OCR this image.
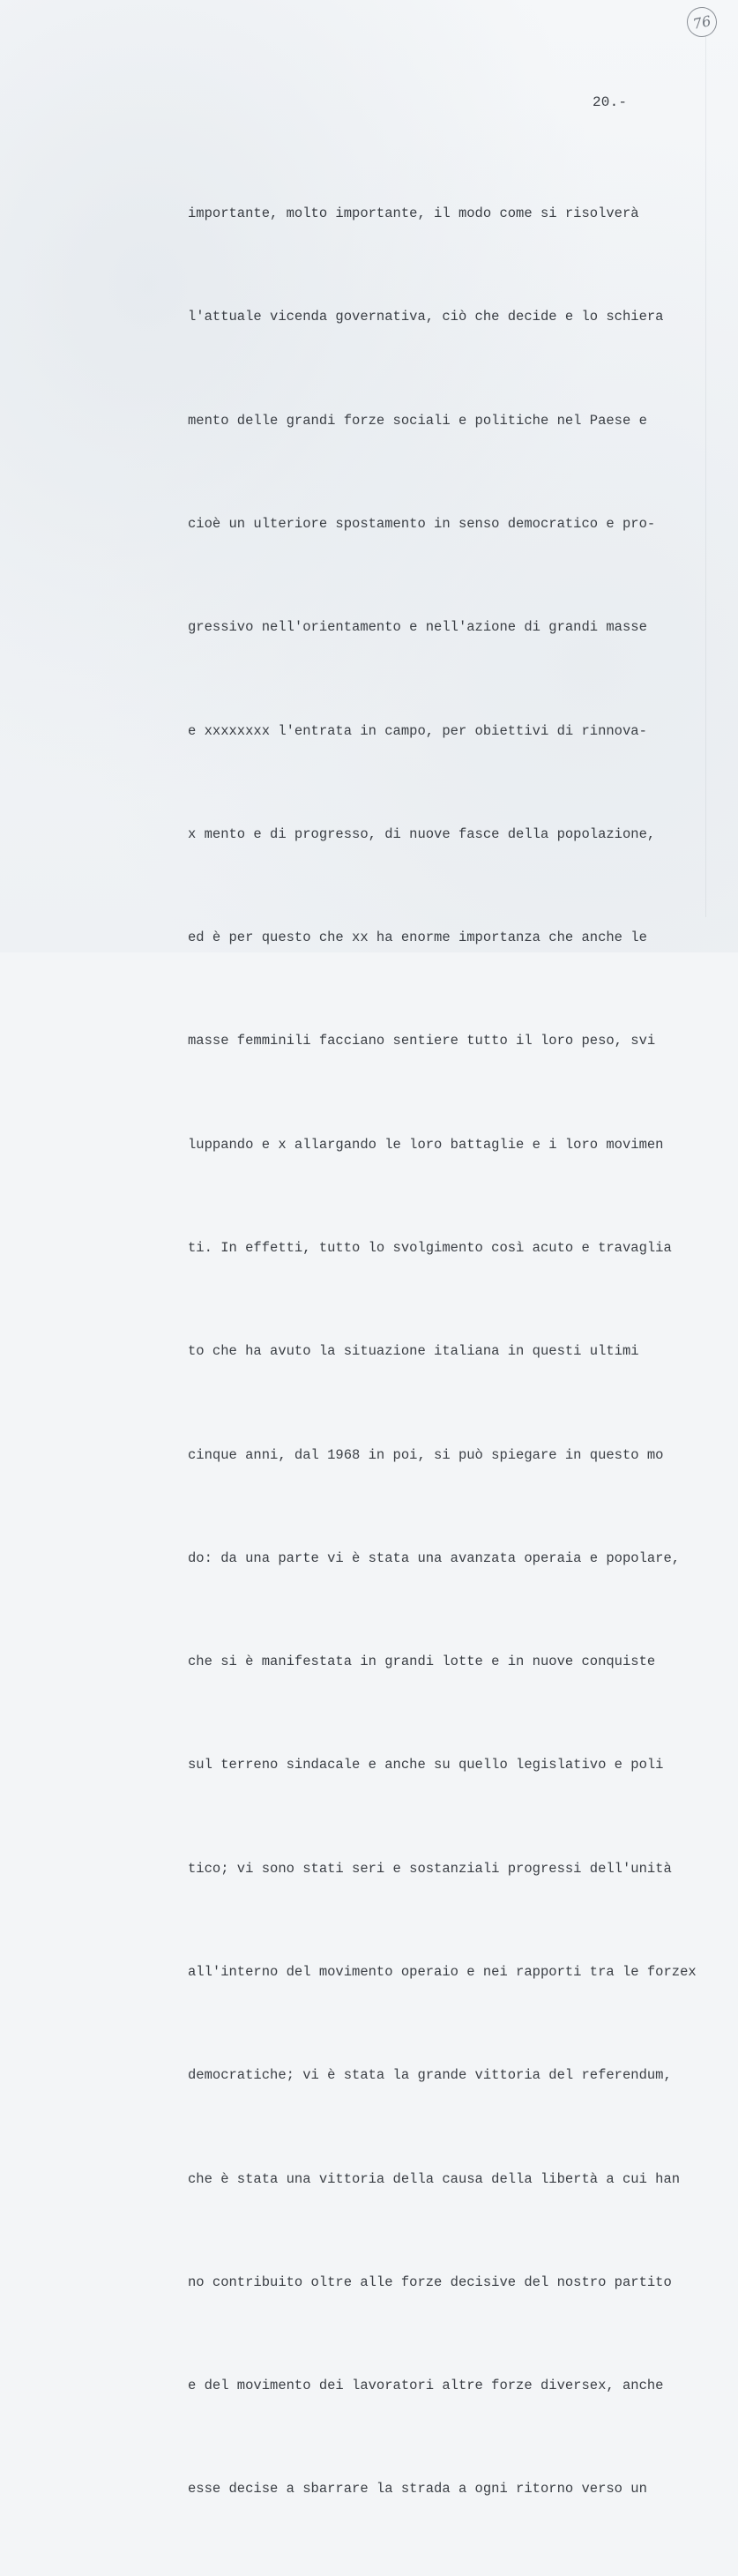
76
20.-

importante, molto importante, il modo come si risolverà

l'attuale vicenda governativa, ciò che decide e lo schiera

mento delle grandi forze sociali e politiche nel Paese e

cioè un ulteriore spostamento in senso democratico e pro-

gressivo nell'orientamento e nell'azione di grandi masse

e xxxxxxxx l'entrata in campo, per obiettivi di rinnova-

x mento e di progresso, di nuove fasce della popolazione,

ed è per questo che xx ha enorme importanza che anche le

masse femminili facciano sentiere tutto il loro peso, svi

luppando e x allargando le loro battaglie e i loro movimen

ti. In effetti, tutto lo svolgimento così acuto e travaglia

to che ha avuto la situazione italiana in questi ultimi

cinque anni, dal 1968 in poi, si può spiegare in questo mo

do: da una parte vi è stata una avanzata operaia e popolare,

che si è manifestata in grandi lotte e in nuove conquiste

sul terreno sindacale e anche su quello legislativo e poli

tico; vi sono stati seri e sostanziali progressi dell'unità

all'interno del movimento operaio e nei rapporti tra le forzex

democratiche; vi è stata la grande vittoria del referendum,

che è stata una vittoria della causa della libertà a cui han

no contribuito oltre alle forze decisive del nostro partito

e del movimento dei lavoratori altre forze diversex, anche

esse decise a sbarrare la strada a ogni ritorno verso un
